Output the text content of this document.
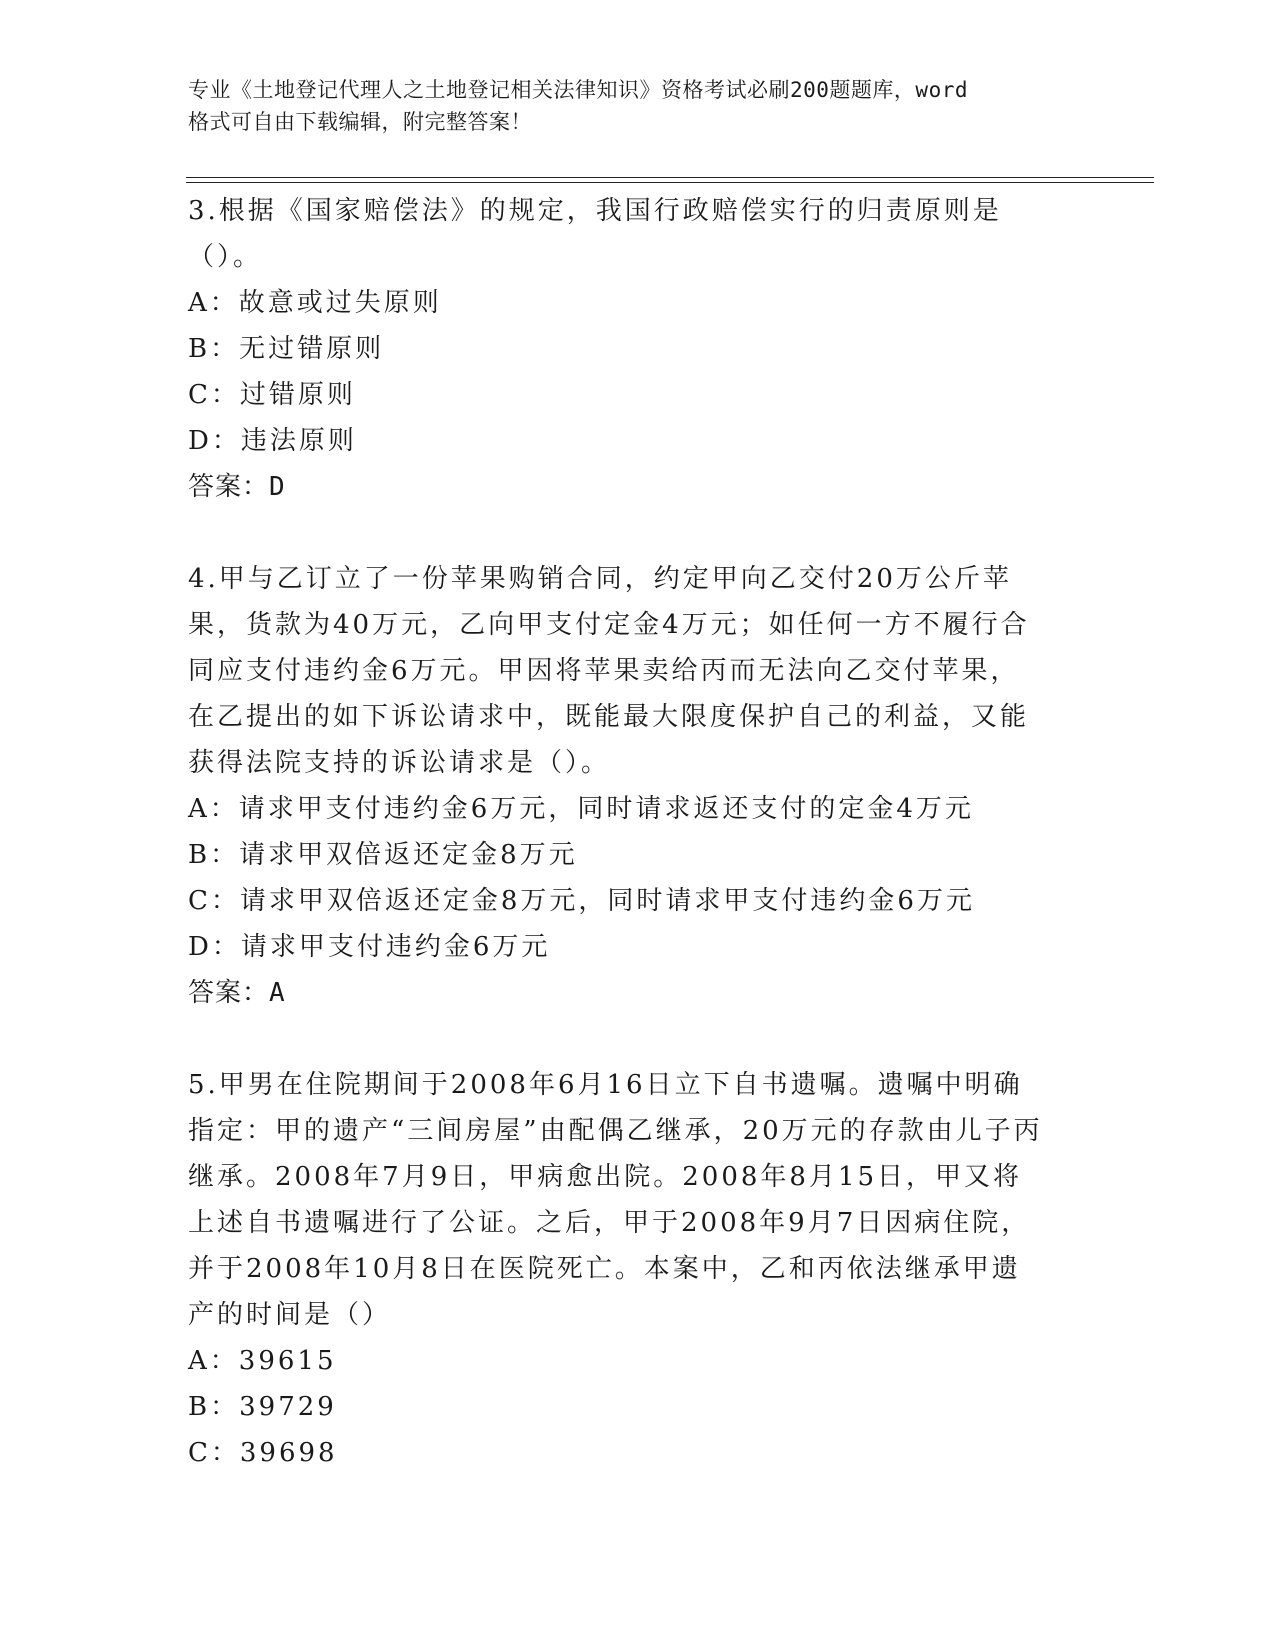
专业《土地登记代理人之土地登记相关法律知识》资格考试必刷200题题库，word
格式可自由下载编辑，附完整答案！

3.根据《国家赔偿法》的规定，我国行政赔偿实行的归责原则是（）。

A：故意或过失原则
B：无过错原则
C：过错原则
D：违法原则
答案：D

4.甲与乙订立了一份苹果购销合同，约定甲向乙交付20万公斤苹果，货款为40万元，乙向甲支付定金4万元；如任何一方不履行合同应支付违约金6万元。甲因将苹果卖给丙而无法向乙交付苹果，在乙提出的如下诉讼请求中，既能最大限度保护自己的利益，又能获得法院支持的诉讼请求是（）。

A：请求甲支付违约金6万元，同时请求返还支付的定金4万元
B：请求甲双倍返还定金8万元
C：请求甲双倍返还定金8万元，同时请求甲支付违约金6万元
D：请求甲支付违约金6万元
答案：A

5.甲男在住院期间于2008年6月16日立下自书遗嘱。遗嘱中明确指定：甲的遗产“三间房屋”由配偶乙继承，20万元的存款由儿子丙继承。2008年7月9日，甲病愈出院。2008年8月15日，甲又将上述自书遗嘱进行了公证。之后，甲于2008年9月7日因病住院，并于2008年10月8日在医院死亡。本案中，乙和丙依法继承甲遗产的时间是（）

A：39615
B：39729
C：39698
